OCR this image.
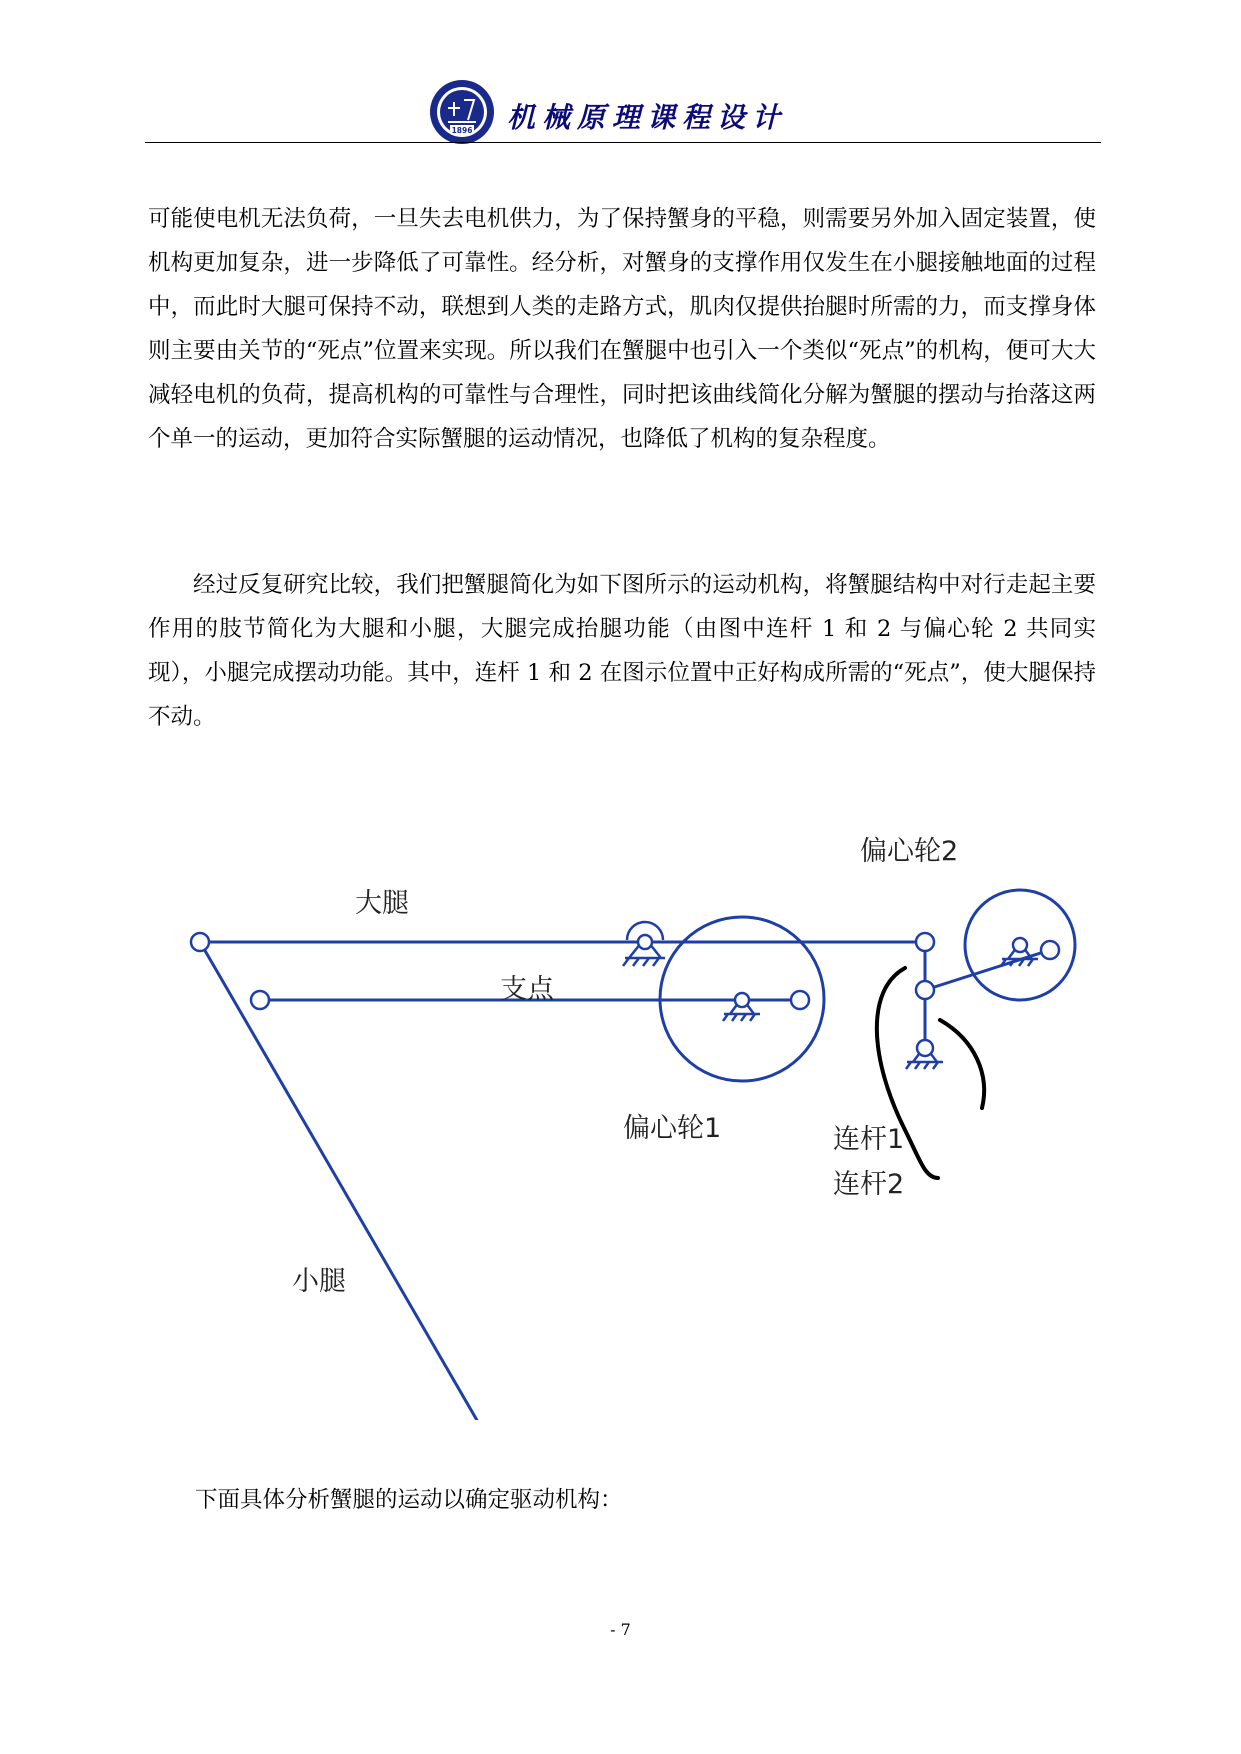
1896 机械原理课程设计

可能使电机无法负荷，一旦失去电机供力，为了保持蟹身的平稳，则需要另外加入固定装置，使机构更加复杂，进一步降低了可靠性。经分析，对蟹身的支撑作用仅发生在小腿接触地面的过程中，而此时大腿可保持不动，联想到人类的走路方式，肌肉仅提供抬腿时所需的力，而支撑身体则主要由关节的“死点”位置来实现。所以我们在蟹腿中也引入一个类似“死点”的机构，便可大大减轻电机的负荷，提高机构的可靠性与合理性，同时把该曲线简化分解为蟹腿的摆动与抬落这两个单一的运动，更加符合实际蟹腿的运动情况，也降低了机构的复杂程度。

经过反复研究比较，我们把蟹腿简化为如下图所示的运动机构，将蟹腿结构中对行走起主要作用的肢节简化为大腿和小腿，大腿完成抬腿功能（由图中连杆 1 和 2 与偏心轮 2 共同实现），小腿完成摆动功能。其中，连杆 1 和 2 在图示位置中正好构成所需的“死点”，使大腿保持不动。

大腿
支点
偏心轮2
偏心轮1	连杆1
连杆2
小腿

下面具体分析蟹腿的运动以确定驱动机构：

- 7
